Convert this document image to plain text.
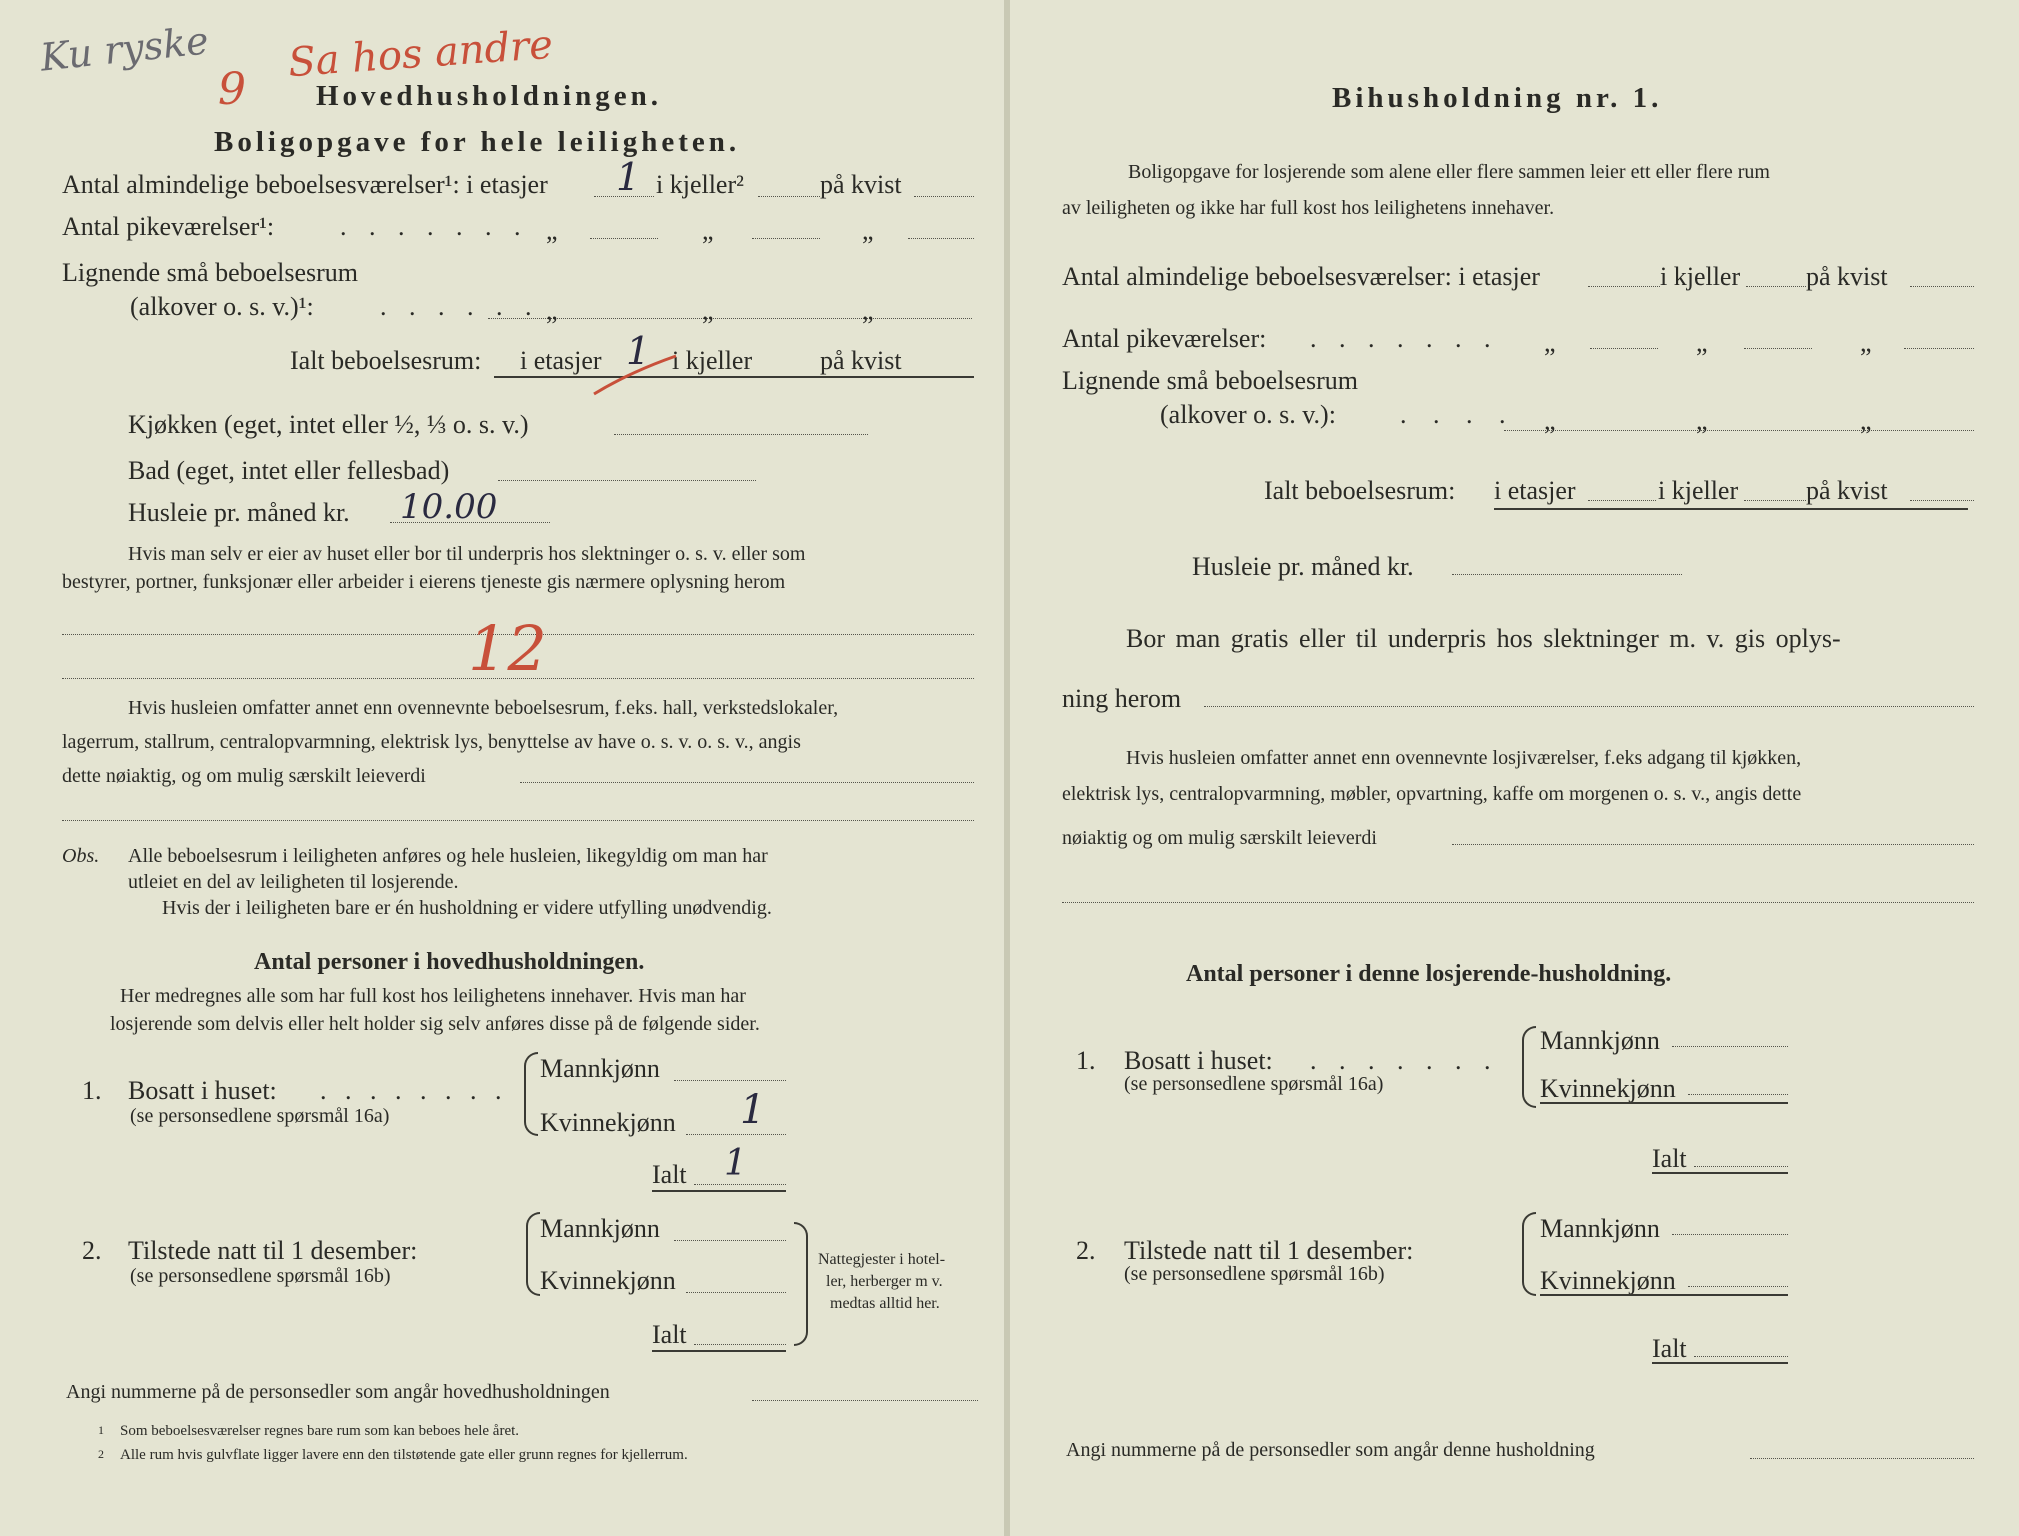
Ku ryske Sa hos andre
9 Hovedhusholdningen.
Boligopgave for hele leiligheten.
Antal almindelige beboelsesværelser¹: i etasjer 1 i kjeller²	på kvist
Antal pikeværelser¹:	. . . . . . . „	„	„
Lignende små beboelsesrum
(alkover o. s. v.)¹:	. . . . . . „	„	„
Ialt beboelsesrum: i etasjer 1 i kjeller	på kvist
Kjøkken (eget, intet eller ½, ⅓ o. s. v.)
Bad (eget, intet eller fellesbad)
Husleie pr. måned kr. 10.00
Hvis man selv er eier av huset eller bor til underpris hos slektninger o. s. v. eller som
bestyrer, portner, funksjonær eller arbeider i eierens tjeneste gis nærmere oplysning herom
12
Hvis husleien omfatter annet enn ovennevnte beboelsesrum, f.eks. hall, verkstedslokaler,
lagerrum, stallrum, centralopvarmning, elektrisk lys, benyttelse av have o. s. v. o. s. v., angis
dette nøiaktig, og om mulig særskilt leieverdi
Obs. Alle beboelsesrum i leiligheten anføres og hele husleien, likegyldig om man har
utleiet en del av leiligheten til losjerende.
Hvis der i leiligheten bare er én husholdning er videre utfylling unødvendig.
Antal personer i hovedhusholdningen.
Her medregnes alle som har full kost hos leilighetens innehaver. Hvis man har
losjerende som delvis eller helt holder sig selv anføres disse på de følgende sider.
1. Bosatt i huset: . . . . . . . .
(se personsedlene spørsmål 16a)
Mannkjønn
Kvinnekjønn 1
Ialt 1
2. Tilstede natt til 1 desember:
(se personsedlene spørsmål 16b)
Mannkjønn
Kvinnekjønn
Ialt
Nattegjester i hotel-
ler, herberger m v.
medtas alltid her.
Angi nummerne på de personsedler som angår hovedhusholdningen
1 Som beboelsesværelser regnes bare rum som kan beboes hele året.
2 Alle rum hvis gulvflate ligger lavere enn den tilstøtende gate eller grunn regnes for kjellerrum.
Bihusholdning nr. 1.
Boligopgave for losjerende som alene eller flere sammen leier ett eller flere rum
av leiligheten og ikke har full kost hos leilighetens innehaver.
Antal almindelige beboelsesværelser: i etasjer	i kjeller	på kvist
Antal pikeværelser: . . . . . . . „	„	„
Lignende små beboelsesrum
(alkover o. s. v.): . . . . „	„	„
Ialt beboelsesrum: i etasjer	i kjeller	på kvist
Husleie pr. måned kr.
Bor man gratis eller til underpris hos slektninger m. v. gis oplys-
ning herom
Hvis husleien omfatter annet enn ovennevnte losjiværelser, f.eks adgang til kjøkken,
elektrisk lys, centralopvarmning, møbler, opvartning, kaffe om morgenen o. s. v., angis dette
nøiaktig og om mulig særskilt leieverdi
Antal personer i denne losjerende-husholdning.
1. Bosatt i huset: . . . . . . .
(se personsedlene spørsmål 16a)
Mannkjønn
Kvinnekjønn
Ialt
2. Tilstede natt til 1 desember:
(se personsedlene spørsmål 16b)
Mannkjønn
Kvinnekjønn
Ialt
Angi nummerne på de personsedler som angår denne husholdning
